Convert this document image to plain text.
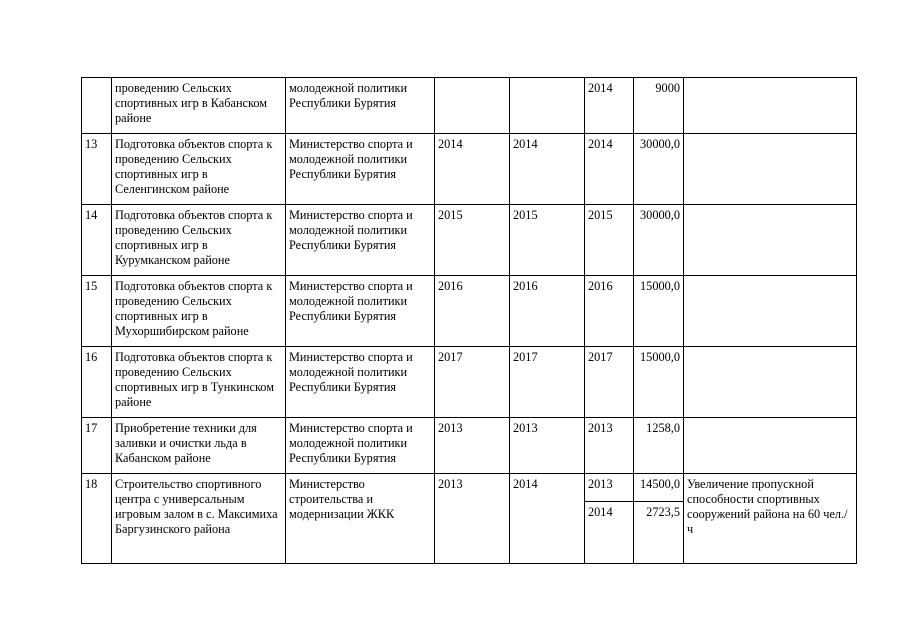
	проведению Сельских спортивных игр в Кабанском районе	молодежной политики Республики Бурятия			2014	9000	
13	Подготовка объектов спорта к проведению Сельских спортивных игр в Селенгинском районе	Министерство спорта и молодежной политики Республики Бурятия	2014	2014	2014	30000,0	
14	Подготовка объектов спорта к проведению Сельских спортивных игр в Курумканском районе	Министерство спорта и молодежной политики Республики Бурятия	2015	2015	2015	30000,0	
15	Подготовка объектов спорта к проведению Сельских спортивных игр в Мухоршибирском районе	Министерство спорта и молодежной политики Республики Бурятия	2016	2016	2016	15000,0	
16	Подготовка объектов спорта к проведению Сельских спортивных игр в Тункинском районе	Министерство спорта и молодежной политики Республики Бурятия	2017	2017	2017	15000,0	
17	Приобретение техники для заливки и очистки льда в Кабанском районе	Министерство спорта и молодежной политики Республики Бурятия	2013	2013	2013	1258,0	
18	Строительство спортивного центра с универсальным игровым залом в с. Максимиха Баргузинского района	Министерство строительства и модернизации ЖКК	2013	2014	2013	14500,0	Увеличение пропускной способности спортивных сооружений района на 60 чел./ч
					2014	2723,5	
